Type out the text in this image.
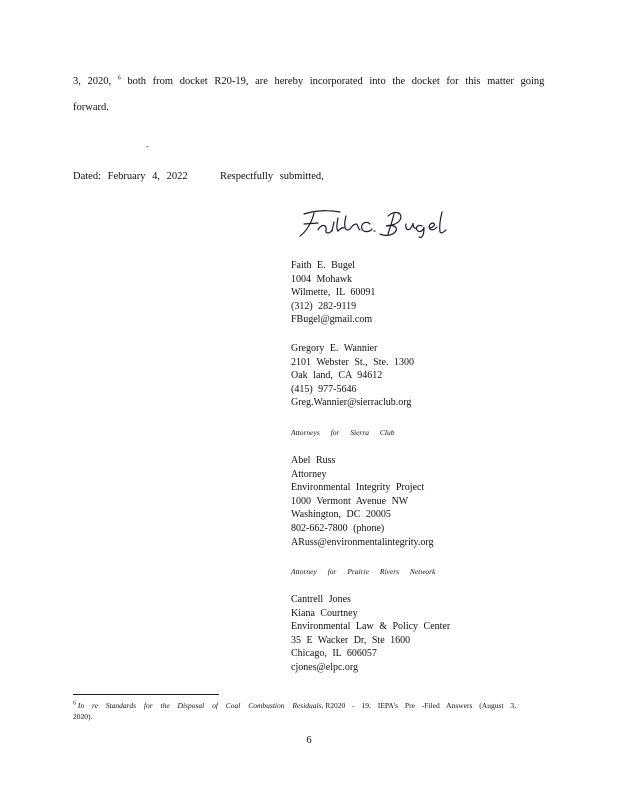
3, 2020, $^6$ both from docket R20-19, are hereby incorporated into the docket for this matter going
forward.
-
Dated: February 4, 2022	Respectfully submitted,
Faith E. Bugel
1004 Mohawk
Wilmette, IL 60091
(312) 282-9119
FBugel@gmail.com
Gregory E. Wannier
2101 Webster St., Ste. 1300
Oak land, CA 94612
(415) 977-5646
Greg.Wannier@sierraclub.org
Attorneys for Sierra Club
Abel Russ
Attorney
Environmental Integrity Project
1000 Vermont Avenue NW
Washington, DC 20005
802-662-7800 (phone)
ARuss@environmentalintegrity.org
Attorney for Prairie Rivers Network
Cantrell Jones
Kiana Courtney
Environmental Law & Policy Center
35 E Wacker Dr, Ste 1600
Chicago, IL 606057
cjones@elpc.org
$^6$ In re Standards for the Disposal of Coal Combustion Residuals, R2020 - 19, IEPA's Pre -Filed Answers (August 3, 2020).
6
